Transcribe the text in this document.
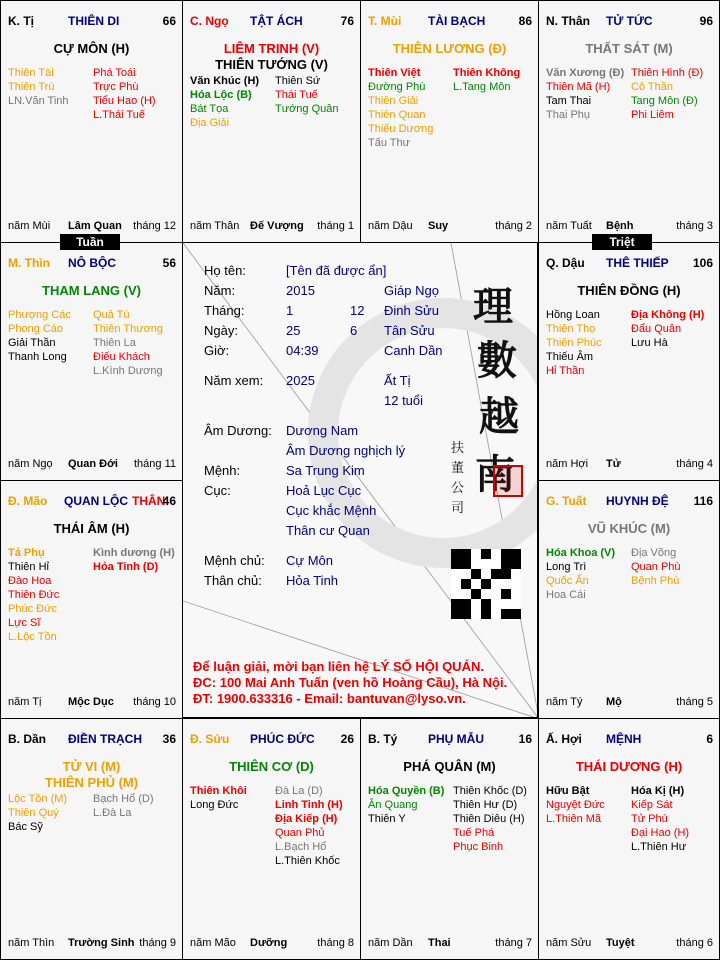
K. Tị	THIÊN DI	66
CỰ MÔN (H)
Thiên Tài
Thiên Trù
LN.Văn Tinh
Phá Toái
Trực Phù
Tiểu Hao (H)
L.Thái Tuế
năm Mùi Lâm Quan tháng 12
C. Ngọ TẬT ÁCH	76
LIÊM TRINH (V)
THIÊN TƯỚNG (V)
Văn Khúc (H)
Hóa Lộc (B)
Bát Tọa
Địa Giải
Thiên Sứ
Thái Tuế
Tướng Quân
năm Thân Đế Vượng tháng 1
T. Mùi TÀI BẠCH	86
THIÊN LƯƠNG (Đ)
Thiên Việt
Đường Phù
Thiên Giải
Thiên Quan
Thiếu Dương
Tấu Thư
Thiên Không
L.Tang Môn
năm Dậu Suy	tháng 2
N. Thân TỬ TỨC	96
THẤT SÁT (M)
Văn Xương (Đ)
Thiên Mã (H)
Tam Thai
Thai Phụ
Thiên Hình (Đ)
Cô Thần
Tang Môn (Đ)
Phi Liêm
năm Tuất Bệnh	tháng 3
M. Thìn NÔ BỘC	56
THAM LANG (V)
Phượng Các
Phong Cáo
Giải Thần
Thanh Long
Quả Tú
Thiên Thương
Thiên La
Điếu Khách
L.Kình Dương
năm Ngọ Quan Đới tháng 11
Q. Dậu THÊ THIẾP 106
THIÊN ĐỒNG (H)
Hồng Loan
Thiên Thọ
Thiên Phúc
Thiếu Âm
Hỉ Thần
Địa Không (H)
Đẩu Quân
Lưu Hà
năm Hợi Tử	tháng 4
Đ. Mão QUAN LỘC THÂN
46
THÁI ÂM (H)
Tả Phụ
Thiên Hỉ
Đào Hoa
Thiên Đức
Phúc Đức
Lực Sĩ
L.Lộc Tồn
Kình dương (H)
Hỏa Tinh (D)
năm Tị Mộc Dục tháng 10
G. Tuất HUYNH ĐỆ 116
VŨ KHÚC (M)
Hóa Khoa (V)
Long Trì
Quốc Ấn
Hoa Cái
Địa Võng
Quan Phù
Bệnh Phù
năm Tý Mộ	tháng 5
B. Dần ĐIỀN TRẠCH 36
TỬ VI (M)
THIÊN PHỦ (M)
Lộc Tồn (M)
Thiên Quý
Bác Sỹ
Bạch Hổ (D)
L.Đà La
năm Thìn Trường Sinh tháng 9
Đ. Sửu PHÚC ĐỨC 26
THIÊN CƠ (D)
Thiên Khôi
Long Đức
Đà La (D)
Linh Tinh (H)
Địa Kiếp (H)
Quan Phủ
L.Bạch Hổ
L.Thiên Khốc
năm Mão Dưỡng	tháng 8
B. Tý	PHỤ MẪU	16
PHÁ QUÂN (M)
Hóa Quyền (B)
Ân Quang
Thiên Y
Thiên Khốc (D)
Thiên Hư (D)
Thiên Diêu (H)
Tuế Phá
Phục Binh
năm Dần Thai	tháng 7
Ấ. Hợi MỆNH	6
THÁI DƯƠNG (H)
Hữu Bật
Nguyệt Đức
L.Thiên Mã
Hóa Kị (H)
Kiếp Sát
Tử Phù
Đại Hao (H)
L.Thiên Hư
năm Sửu Tuyệt	tháng 6
Tuần	Triệt
Họ tên:	[Tên đã được ẩn]
Năm:	2015	Giáp Ngọ
Tháng:	1	12 Đinh Sửu
Ngày:	25	6 Tân Sửu
Giờ:	04:39	Canh Dần
Năm xem: 2025	Ất Tị
12 tuổi
Âm Dương: Dương Nam
Âm Dương nghịch lý
Mệnh:	Sa Trung Kim
Cục:	Hoả Lục Cục
Cục khắc Mệnh
Thân cư Quan
Mệnh chủ: Cự Môn
Thân chủ: Hỏa Tinh
理
數
越
南
扶
董
公
司
Để luận giải, mời bạn liên hệ LÝ SỐ HỘI QUÁN.
ĐC: 100 Mai Anh Tuấn (ven hồ Hoàng Cầu), Hà Nội.
ĐT: 1900.633316 - Email: bantuvan@lyso.vn.
